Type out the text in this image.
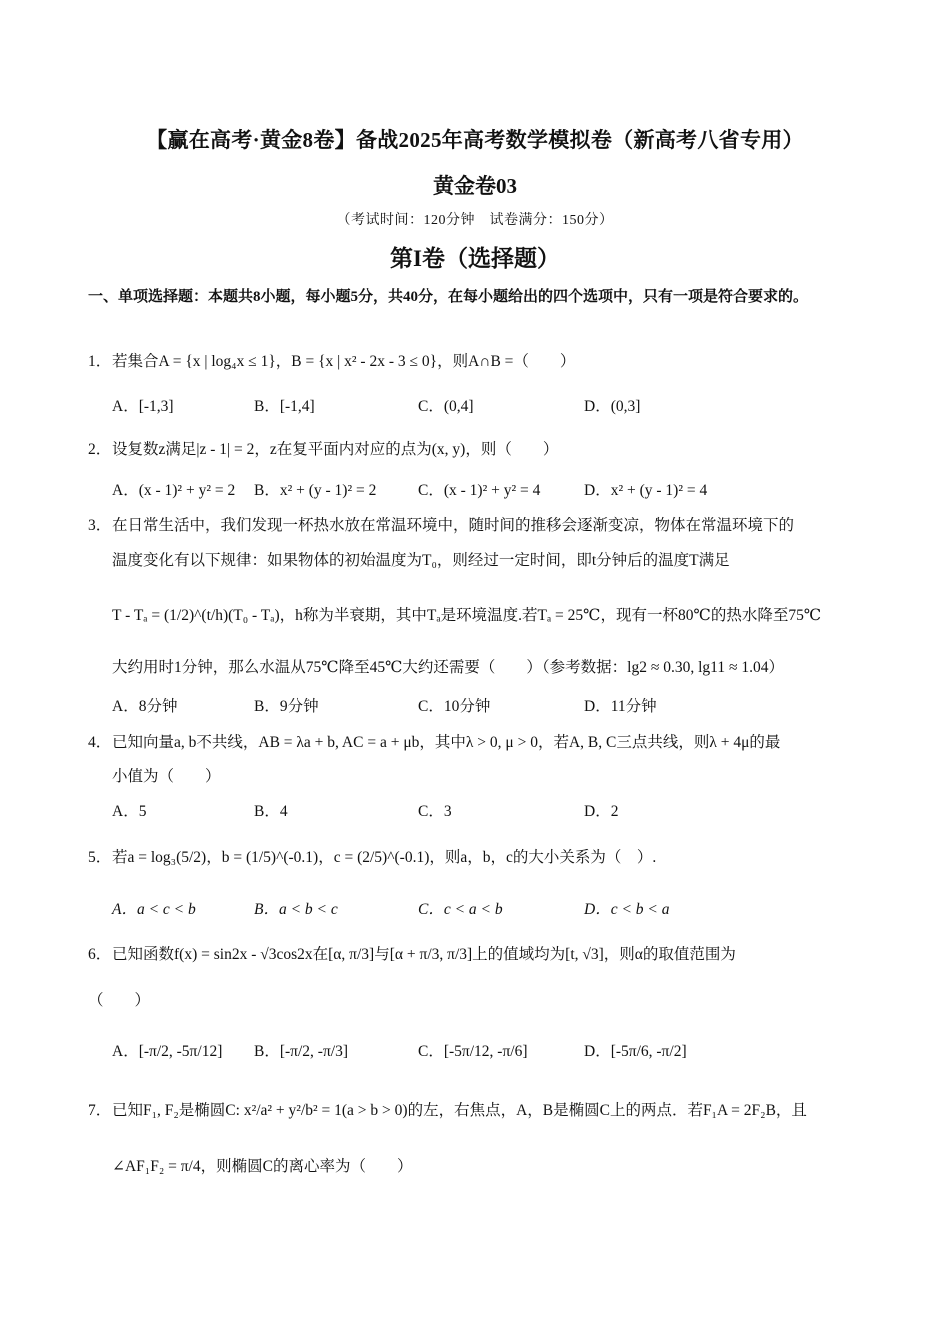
【赢在高考·黄金8卷】备战2025年高考数学模拟卷（新高考八省专用）
黄金卷03
（考试时间：120分钟　试卷满分：150分）
第I卷（选择题）
一、单项选择题：本题共8小题，每小题5分，共40分，在每小题给出的四个选项中，只有一项是符合要求的。
1．若集合A = {x | log₄x ≤ 1}，B = {x | x² - 2x - 3 ≤ 0}，则A∩B =（　　）
A．[-1,3]	B．[-1,4]	C．(0,4]	D．(0,3]
2．设复数z满足|z - 1| = 2，z在复平面内对应的点为(x, y)，则（　　）
A．(x - 1)² + y² = 2 B．x² + (y - 1)² = 2	C．(x - 1)² + y² = 4	D．x² + (y - 1)² = 4
3．在日常生活中，我们发现一杯热水放在常温环境中，随时间的推移会逐渐变凉，物体在常温环境下的
温度变化有以下规律：如果物体的初始温度为T₀，则经过一定时间，即t分钟后的温度T满足
T - Tₐ = (1/2)^(t/h)(T₀ - Tₐ)，h称为半衰期，其中Tₐ是环境温度.若Tₐ = 25℃，现有一杯80℃的热水降至75℃
大约用时1分钟，那么水温从75℃降至45℃大约还需要（　　）（参考数据：lg2 ≈ 0.30, lg11 ≈ 1.04）
A．8分钟	B．9分钟	C．10分钟	D．11分钟
4．已知向量a, b不共线，AB = λa + b, AC = a + μb，其中λ > 0, μ > 0，若A, B, C三点共线，则λ + 4μ的最
小值为（　　）
A．5	B．4	C．3	D．2
5．若a = log₃(5/2)，b = (1/5)^(-0.1)，c = (2/5)^(-0.1)，则a，b，c的大小关系为（　）.
A．a < c < b	B．a < b < c	C．c < a < b	D．c < b < a
6．已知函数f(x) = sin2x - √3cos2x在[α, π/3]与[α + π/3, π/3]上的值域均为[t, √3]，则α的取值范围为
（　　）
A．[-π/2, -5π/12] B．[-π/2, -π/3]	C．[-5π/12, -π/6]	D．[-5π/6, -π/2]
7．已知F₁, F₂是椭圆C: x²/a² + y²/b² = 1(a > b > 0)的左，右焦点，A，B是椭圆C上的两点．若F₁A = 2F₂B，且
∠AF₁F₂ = π/4，则椭圆C的离心率为（　　）
